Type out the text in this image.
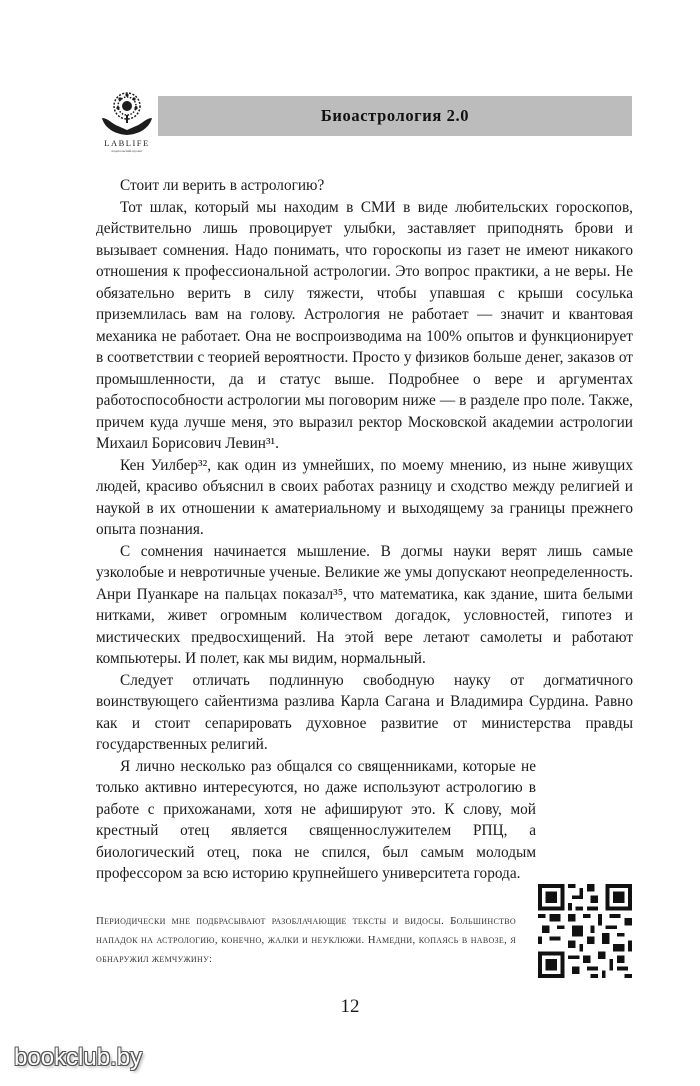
LABLIFE
издательский проект
Биоастрология 2.0

Стоит ли верить в астрологию?

Тот шлак, который мы находим в СМИ в виде любительских гороскопов, действительно лишь провоцирует улыбки, заставляет приподнять брови и вызывает сомнения. Надо понимать, что гороскопы из газет не имеют никакого отношения к профессиональной астрологии. Это вопрос практики, а не веры. Не обязательно верить в силу тяжести, чтобы упавшая с крыши сосулька приземлилась вам на голову. Астрология не работает — значит и квантовая механика не работает. Она не воспроизводима на 100% опытов и функционирует в соответствии с теорией вероятности. Просто у физиков больше денег, заказов от промышленности, да и статус выше. Подробнее о вере и аргументах работоспособности астрологии мы поговорим ниже — в разделе про поле. Также, причем куда лучше меня, это выразил ректор Московской академии астрологии Михаил Борисович Левин³¹.

Кен Уилбер³², как один из умнейших, по моему мнению, из ныне живущих людей, красиво объяснил в своих работах разницу и сходство между религией и наукой в их отношении к аматериальному и выходящему за границы прежнего опыта познания.

С сомнения начинается мышление. В догмы науки верят лишь самые узколобые и невротичные ученые. Великие же умы допускают неопределенность. Анри Пуанкаре на пальцах показал³⁵, что математика, как здание, шита белыми нитками, живет огромным количеством догадок, условностей, гипотез и мистических предвосхищений. На этой вере летают самолеты и работают компьютеры. И полет, как мы видим, нормальный.

Следует отличать подлинную свободную науку от догматичного воинствующего сайентизма разлива Карла Сагана и Владимира Сурдина. Равно как и стоит сепарировать духовное развитие от министерства правды государственных религий.

Я лично несколько раз общался со священниками, которые не только активно интересуются, но даже используют астрологию в работе с прихожанами, хотя не афишируют это. К слову, мой крестный отец является священнослужителем РПЦ, а биологический отец, пока не спился, был самым молодым профессором за всю историю крупнейшего университета города.

Периодически мне подбрасывают разоблачающие тексты и видосы. Большинство нападок на астрологию, конечно, жалки и неуклюжи. Намедни, копаясь в навозе, я обнаружил жемчужину:
12
bookclub.by
